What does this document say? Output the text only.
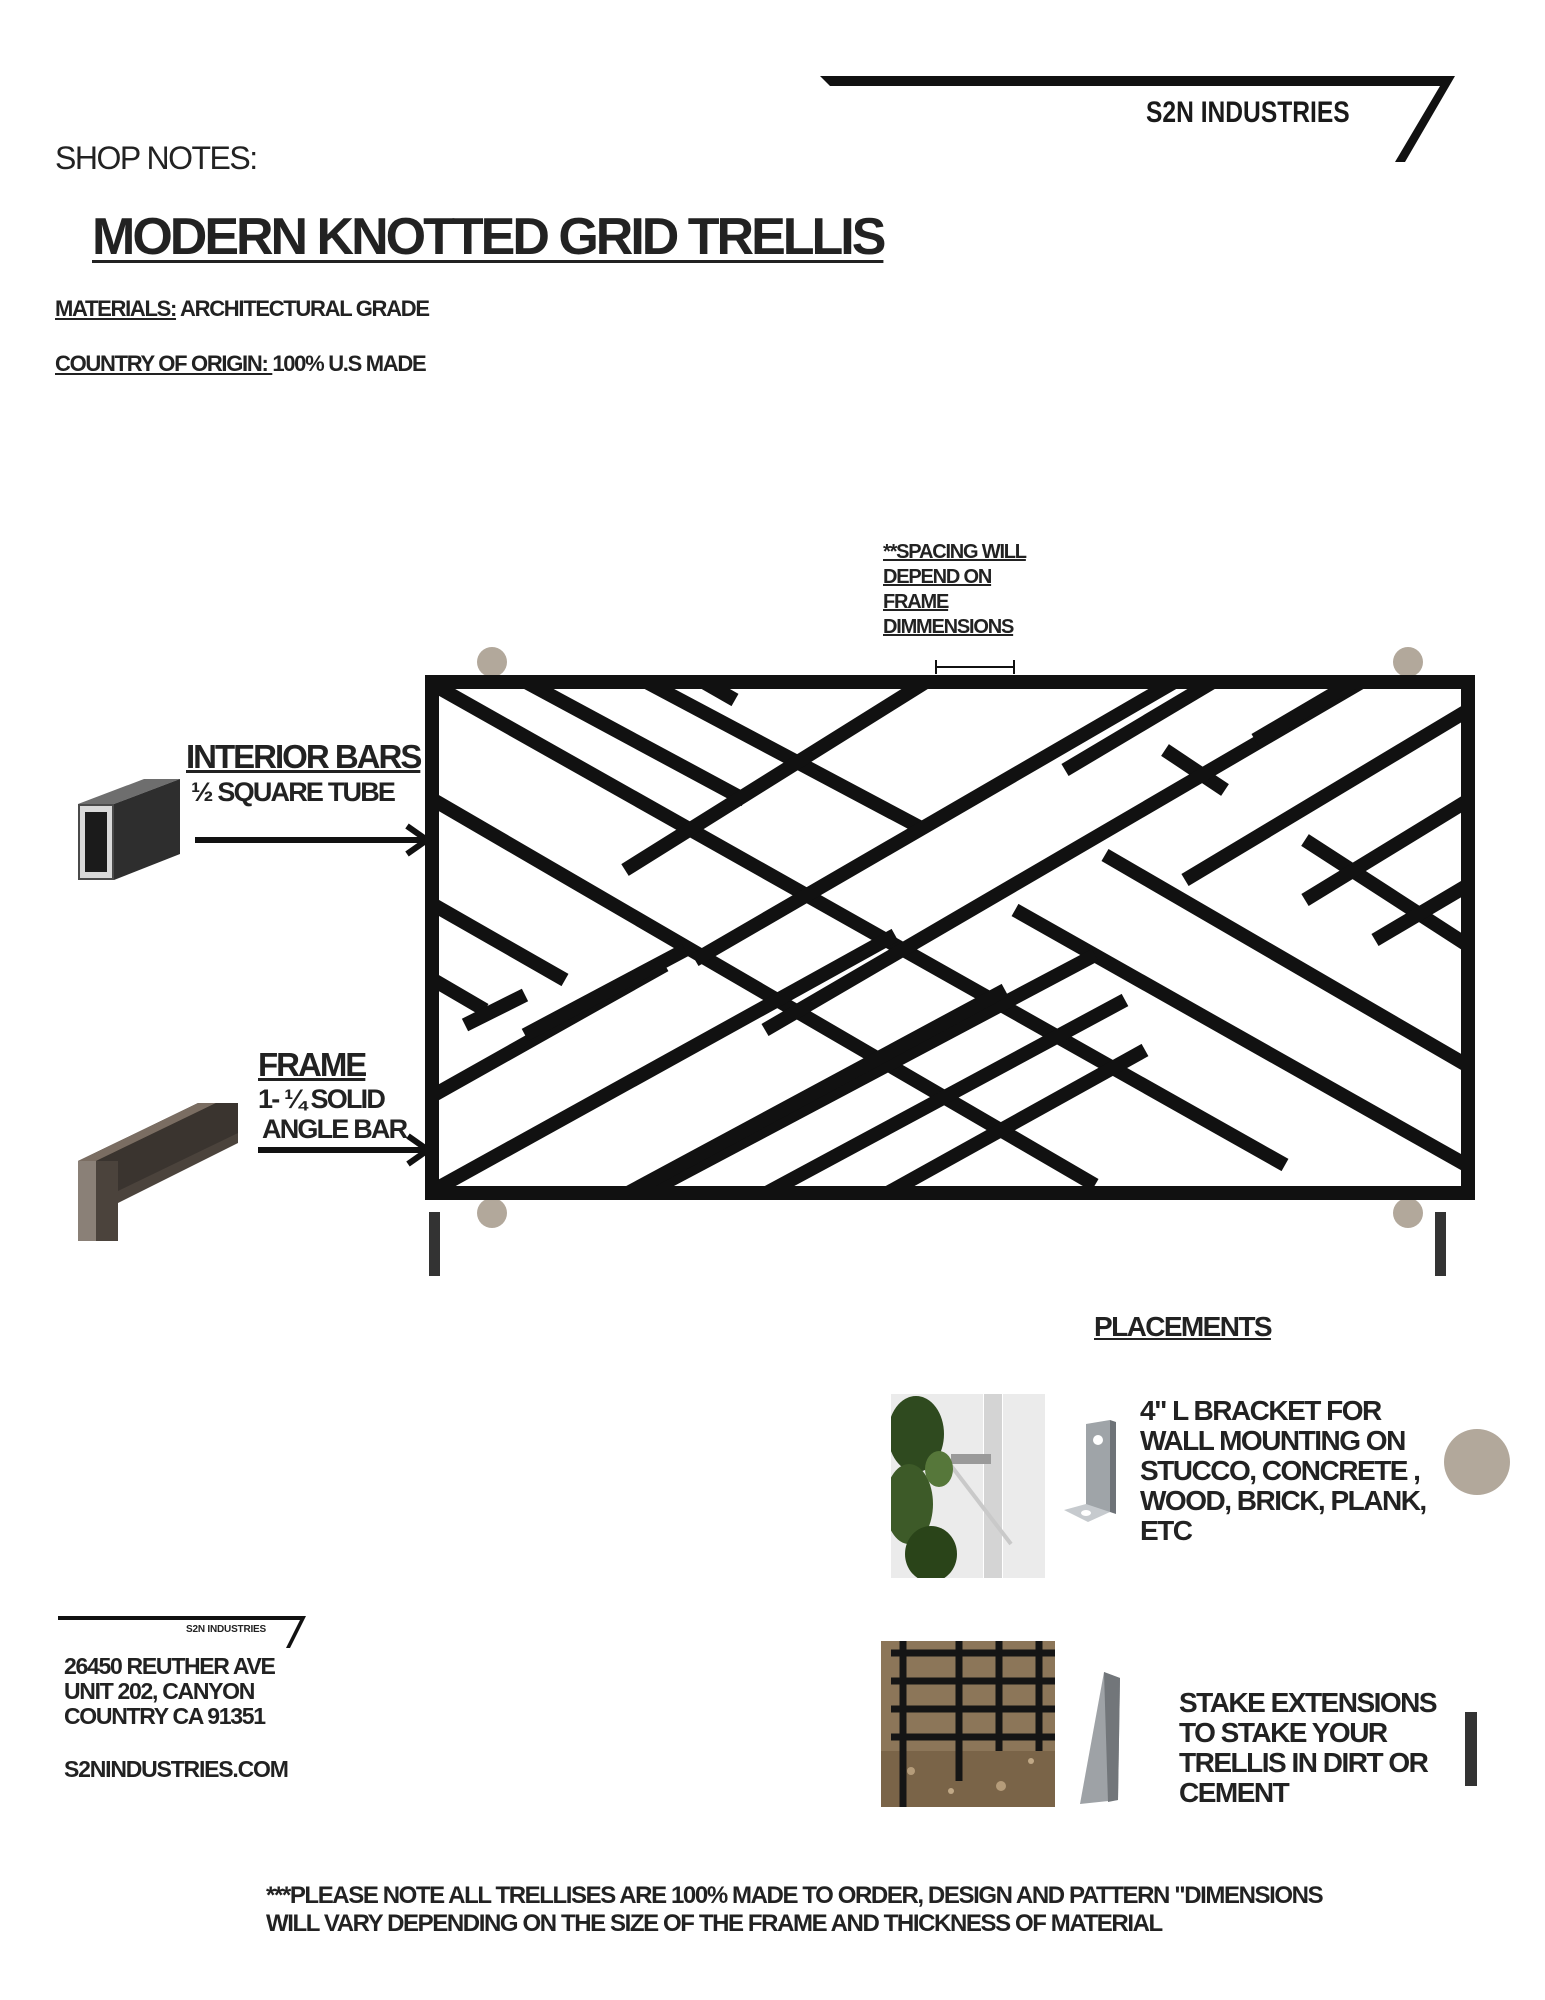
S2N INDUSTRIES
SHOP NOTES:
MODERN KNOTTED GRID TRELLIS
MATERIALS: ARCHITECTURAL GRADE
COUNTRY OF ORIGIN: 100% U.S MADE
**SPACING WILL DEPEND ON FRAME DIMMENSIONS
INTERIOR BARS
½ SQUARE TUBE
FRAME
1- ¼ SOLID
ANGLE BAR
PLACEMENTS
4" L BRACKET FOR WALL MOUNTING ON STUCCO, CONCRETE , WOOD, BRICK, PLANK, ETC
STAKE EXTENSIONS TO STAKE YOUR TRELLIS IN DIRT OR CEMENT
S2N INDUSTRIES
26450 REUTHER AVE UNIT 202, CANYON COUNTRY CA 91351
S2NINDUSTRIES.COM
***PLEASE NOTE ALL TRELLISES ARE 100% MADE TO ORDER, DESIGN AND PATTERN "DIMENSIONS WILL VARY DEPENDING ON THE SIZE OF THE FRAME AND THICKNESS OF MATERIAL
